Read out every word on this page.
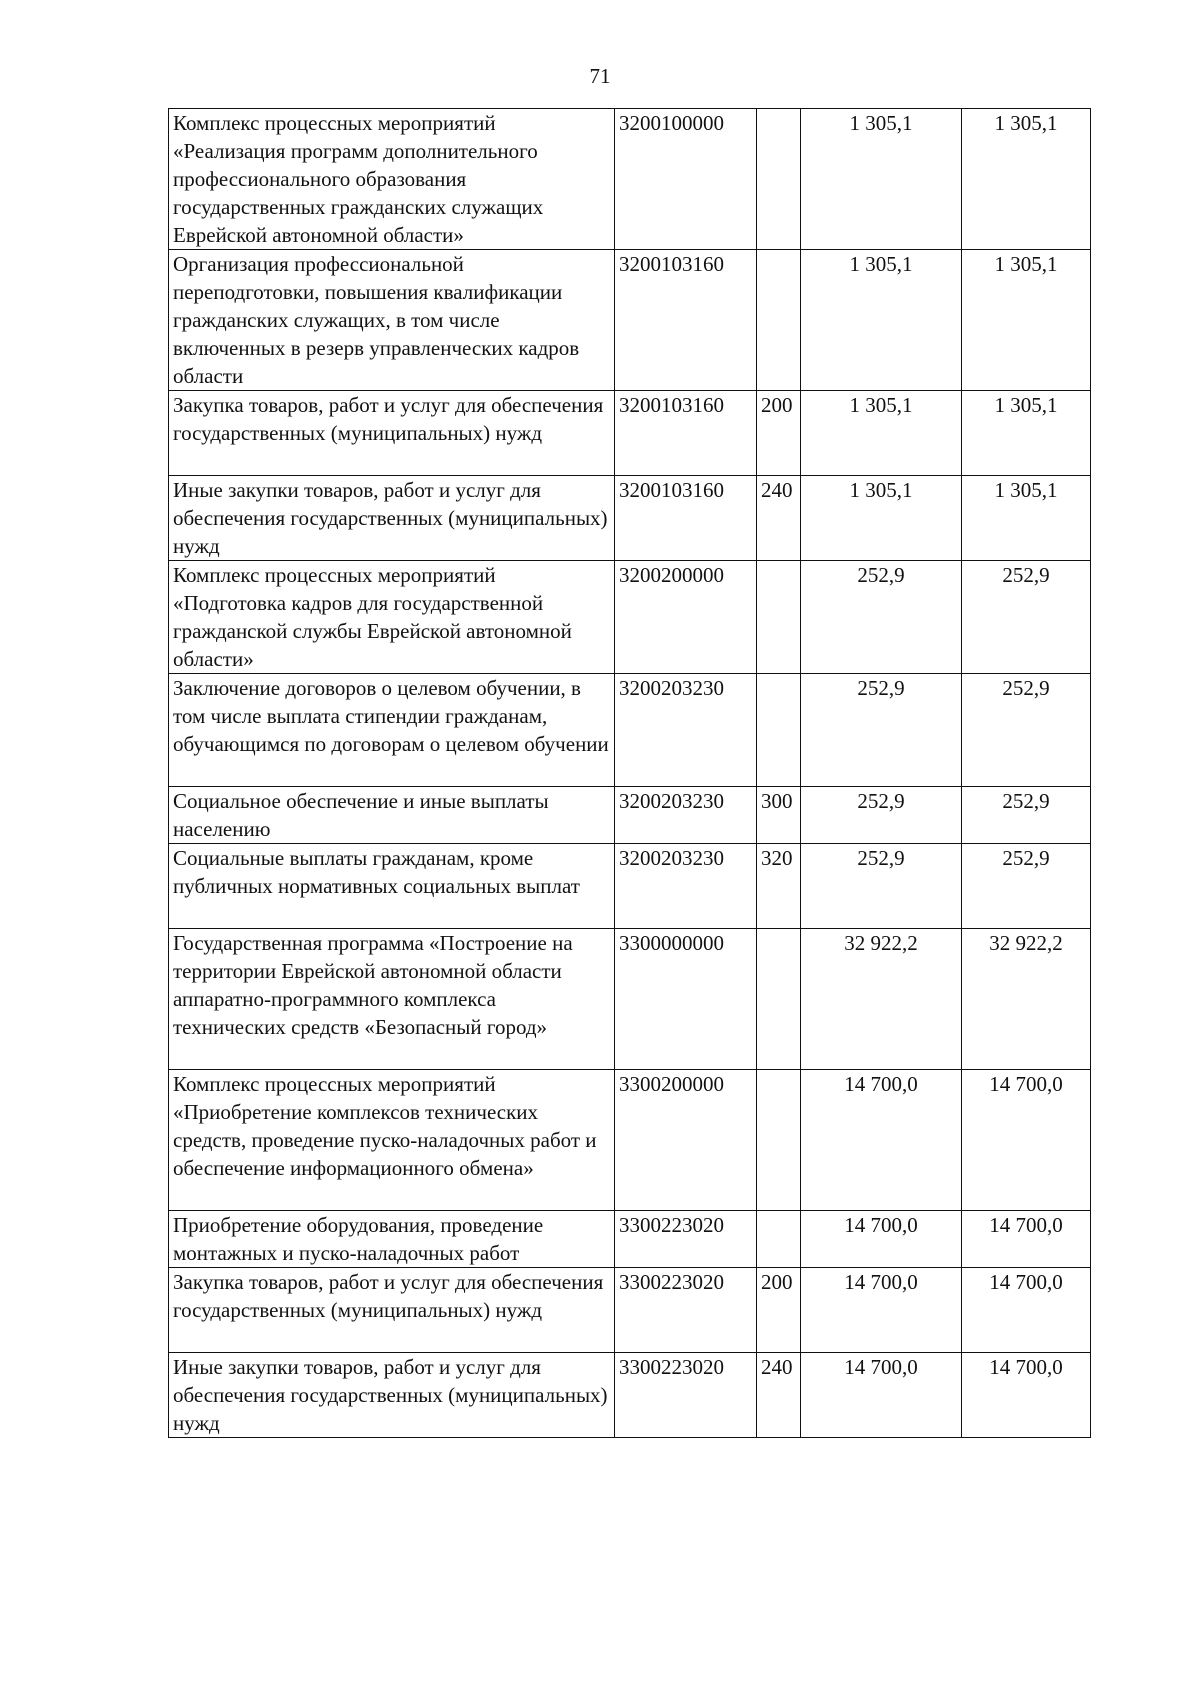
71
Комплекс процессных мероприятий «Реализация программ дополнительного профессионального образования государственных гражданских служащих Еврейской автономной области»	3200100000		1 305,1	1 305,1
Организация профессиональной переподготовки, повышения квалификации гражданских служащих, в том числе включенных в резерв управленческих кадров области	3200103160		1 305,1	1 305,1
Закупка товаров, работ и услуг для обеспечения государственных (муниципальных) нужд	3200103160	200	1 305,1	1 305,1
Иные закупки товаров, работ и услуг для обеспечения государственных (муниципальных) нужд	3200103160	240	1 305,1	1 305,1
Комплекс процессных мероприятий «Подготовка кадров для государственной гражданской службы Еврейской автономной области»	3200200000		252,9	252,9
Заключение договоров о целевом обучении, в том числе выплата стипендии гражданам, обучающимся по договорам о целевом обучении	3200203230		252,9	252,9
Социальное обеспечение и иные выплаты населению	3200203230	300	252,9	252,9
Социальные выплаты гражданам, кроме публичных нормативных социальных выплат	3200203230	320	252,9	252,9
Государственная программа «Построение на территории Еврейской автономной области аппаратно-программного комплекса технических средств «Безопасный город»	3300000000		32 922,2	32 922,2
Комплекс процессных мероприятий «Приобретение комплексов технических средств, проведение пуско-наладочных работ и обеспечение информационного обмена»	3300200000		14 700,0	14 700,0
Приобретение оборудования, проведение монтажных и пуско-наладочных работ	3300223020		14 700,0	14 700,0
Закупка товаров, работ и услуг для обеспечения государственных (муниципальных) нужд	3300223020	200	14 700,0	14 700,0
Иные закупки товаров, работ и услуг для обеспечения государственных (муниципальных) нужд	3300223020	240	14 700,0	14 700,0
